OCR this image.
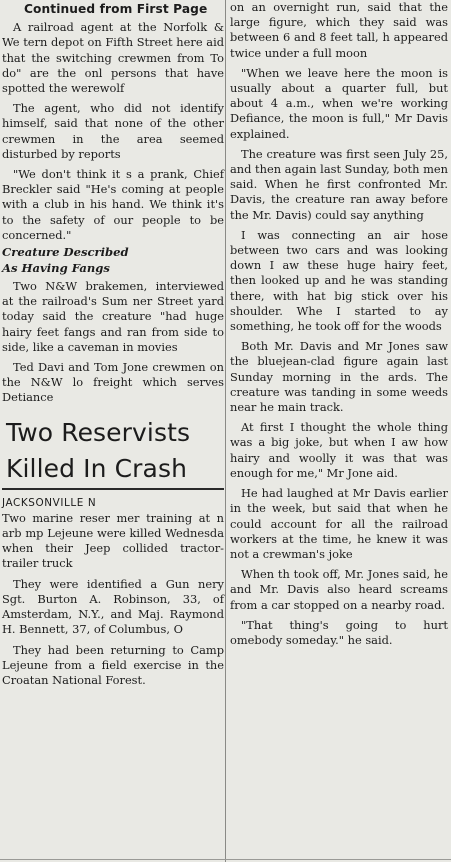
Continued from First Page

A railroad agent at the Norfolk & We tern depot on Fifth Street here aid that the switching crewmen from To do" are the onl persons that have spotted the werewolf

The agent, who did not identify himself, said that none of the other crewmen in the area seemed disturbed by reports

"We don't think it s a prank, Chief Breckler said "He's coming at people with a club in his hand. We think it's to the safety of our people to be concerned."

Creature Described
As Having Fangs

Two N&W brakemen, interviewed at the railroad's Sum ner Street yard today said the creature "had huge hairy feet fangs and ran from side to side, like a caveman in movies

Ted Davi and Tom Jone crewmen on the N&W lo freight which serves Detiance

Two Reservists
Killed In Crash
JACKSONVILLE N

Two marine reser mer training at n arb mp Lejeune were killed Wednesda when their Jeep collided tractor-trailer truck

They were identified a Gun nery Sgt. Burton A. Robinson, 33, of Amsterdam, N.Y., and Maj. Raymond H. Bennett, 37, of Columbus, O

They had been returning to Camp Lejeune from a field exercise in the Croatan National Forest.

on an overnight run, said that the large figure, which they said was between 6 and 8 feet tall, h appeared twice under a full moon

"When we leave here the moon is usually about a quarter full, but about 4 a.m., when we're working Defiance, the moon is full," Mr Davis explained.

The creature was first seen July 25, and then again last Sunday, both men said. When he first confronted Mr. Davis, the creature ran away before the Mr. Davis) could say anything

I was connecting an air hose between two cars and was looking down I aw these huge hairy feet, then looked up and he was standing there, with hat big stick over his shoulder. Whe I started to ay something, he took off for the woods

Both Mr. Davis and Mr Jones saw the bluejean-clad figure again last Sunday morning in the ards. The creature was tanding in some weeds near he main track.

At first I thought the whole thing was a big joke, but when I aw how hairy and woolly it was that was enough for me," Mr Jone aid.

He had laughed at Mr Davis earlier in the week, but said that when he could account for all the railroad workers at the time, he knew it was not a crewman's joke

When th took off, Mr. Jones said, he and Mr. Davis also heard screams from a car stopped on a nearby road.

"That thing's going to hurt omebody someday." he said.
